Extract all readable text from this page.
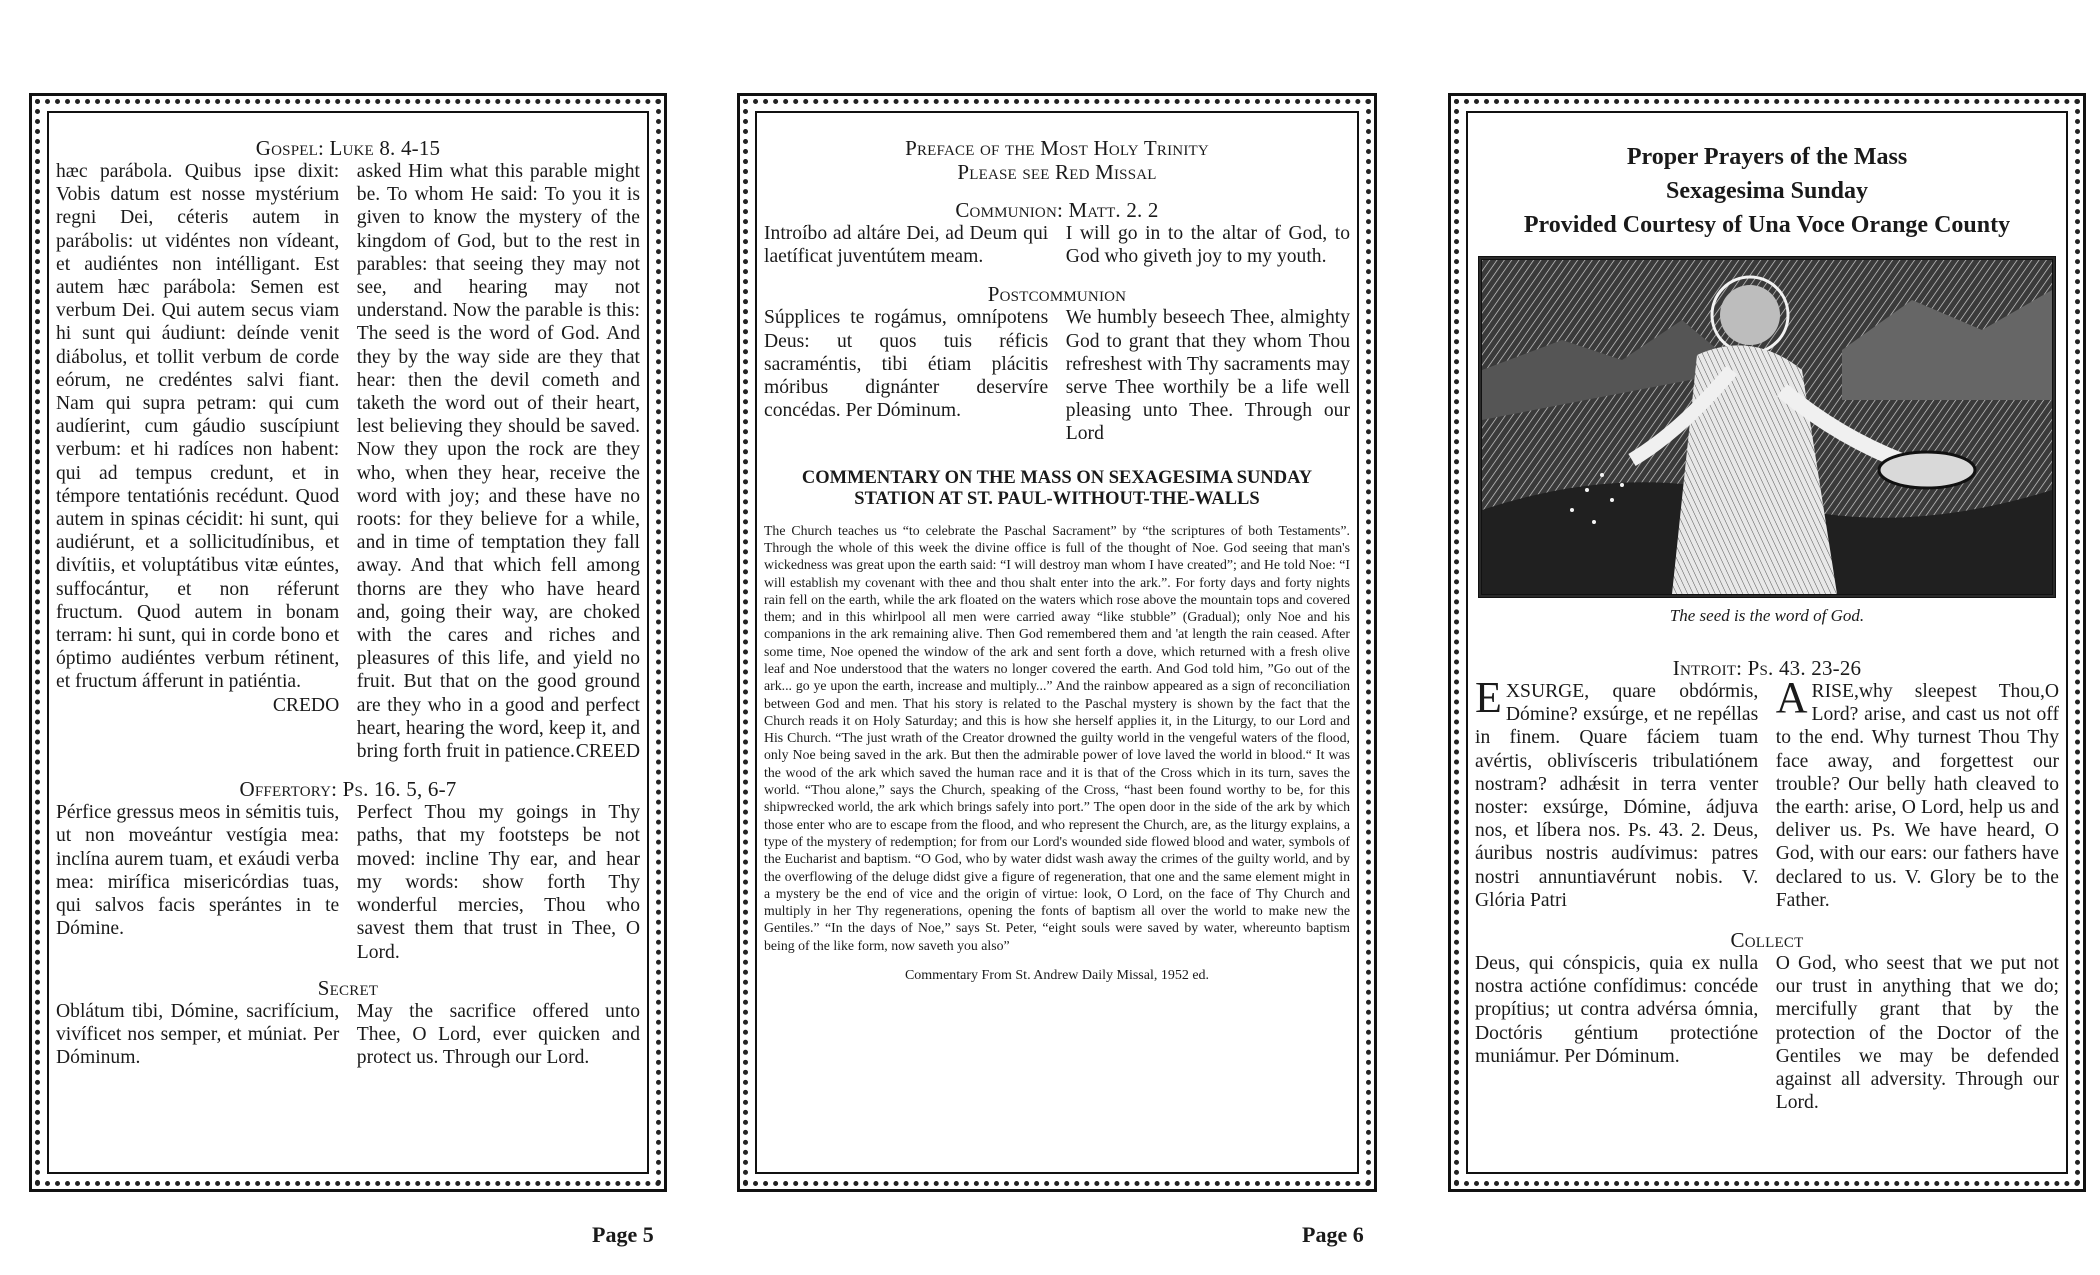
Gospel: Luke 8. 4-15
hæc parábola. Quibus ipse dixit: Vobis datum est nosse mystérium regni Dei, céteris autem in parábolis: ut vidéntes non vídeant, et audiéntes non intélligant. Est autem hæc parábola: Semen est verbum Dei. Qui autem secus viam hi sunt qui áudiunt: deínde venit diábolus, et tollit verbum de corde eórum, ne credéntes salvi fiant. Nam qui supra petram: qui cum audíerint, cum gáudio suscípiunt verbum: et hi radíces non habent: qui ad tempus credunt, et in témpore tentatiónis recédunt. Quod autem in spinas cécidit: hi sunt, qui audiérunt, et a sollicitudínibus, et divítiis, et voluptátibus vitæ eúntes, suffocántur, et non réferunt fructum. Quod autem in bonam terram: hi sunt, qui in corde bono et óptimo audiéntes verbum rétinent, et fructum áfferunt in patiéntia.
CREDO
asked Him what this parable might be. To whom He said: To you it is given to know the mystery of the kingdom of God, but to the rest in parables: that seeing they may not see, and hearing may not understand. Now the parable is this: The seed is the word of God. And they by the way side are they that hear: then the devil cometh and taketh the word out of their heart, lest believing they should be saved. Now they upon the rock are they who, when they hear, receive the word with joy; and these have no roots: for they believe for a while, and in time of temptation they fall away. And that which fell among thorns are they who have heard and, going their way, are choked with the cares and riches and pleasures of this life, and yield no fruit. But that on the good ground are they who in a good and perfect heart, hearing the word, keep it, and bring forth fruit in patience. CREED
Offertory: Ps. 16. 5, 6-7
Pérfice gressus meos in sémitis tuis, ut non moveántur vestígia mea: inclína aurem tuam, et exáudi verba mea: mirífica misericórdias tuas, qui salvos facis sperántes in te Dómine.
Perfect Thou my goings in Thy paths, that my footsteps be not moved: incline Thy ear, and hear my words: show forth Thy wonderful mercies, Thou who savest them that trust in Thee, O Lord.
Secret
Oblátum tibi, Dómine, sacrifícium, vivíficet nos semper, et múniat. Per Dóminum.
May the sacrifice offered unto Thee, O Lord, ever quicken and protect us. Through our Lord.
Preface of the Most Holy Trinity
Please see Red Missal
Communion: Matt. 2. 2
Introíbo ad altáre Dei, ad Deum qui laetíficat juventútem meam.
I will go in to the altar of God, to God who giveth joy to my youth.
Postcommunion
Súpplices te rogámus, omnípotens Deus: ut quos tuis réficis sacraméntis, tibi étiam plácitis móribus dignánter deservíre concédas. Per Dóminum.
We humbly beseech Thee, almighty God to grant that they whom Thou refreshest with Thy sacraments may serve Thee worthily be a life well pleasing unto Thee. Through our Lord
COMMENTARY ON THE MASS ON SEXAGESIMA SUNDAY
STATION AT ST. PAUL-WITHOUT-THE-WALLS
The Church teaches us “to celebrate the Paschal Sacrament” by “the scriptures of both Testaments”. Through the whole of this week the divine office is full of the thought of Noe. God seeing that man's wickedness was great upon the earth said: “I will destroy man whom I have created”; and He told Noe: “I will establish my covenant with thee and thou shalt enter into the ark.”. For forty days and forty nights rain fell on the earth, while the ark floated on the waters which rose above the mountain tops and covered them; and in this whirlpool all men were carried away “like stubble” (Gradual); only Noe and his companions in the ark remaining alive. Then God remembered them and 'at length the rain ceased. After some time, Noe opened the window of the ark and sent forth a dove, which returned with a fresh olive leaf and Noe understood that the waters no longer covered the earth. And God told him, ”Go out of the ark... go ye upon the earth, increase and multiply...” And the rainbow appeared as a sign of reconciliation between God and men. That his story is related to the Paschal mystery is shown by the fact that the Church reads it on Holy Saturday; and this is how she herself applies it, in the Liturgy, to our Lord and His Church. “The just wrath of the Creator drowned the guilty world in the vengeful waters of the flood, only Noe being saved in the ark. But then the admirable power of love laved the world in blood.“ It was the wood of the ark which saved the human race and it is that of the Cross which in its turn, saves the world. “Thou alone,” says the Church, speaking of the Cross, “hast been found worthy to be, for this shipwrecked world, the ark which brings safely into port.” The open door in the side of the ark by which those enter who are to escape from the flood, and who represent the Church, are, as the liturgy explains, a type of the mystery of redemption; for from our Lord's wounded side flowed blood and water, symbols of the Eucharist and baptism. “O God, who by water didst wash away the crimes of the guilty world, and by the overflowing of the deluge didst give a figure of regeneration, that one and the same element might in a mystery be the end of vice and the origin of virtue: look, O Lord, on the face of Thy Church and multiply in her Thy regenerations, opening the fonts of baptism all over the world to make new the Gentiles.” “In the days of Noe,” says St. Peter, “eight souls were saved by water, whereunto baptism being of the like form, now saveth you also”
Commentary From St. Andrew Daily Missal, 1952 ed.
Proper Prayers of the Mass
Sexagesima Sunday
Provided Courtesy of Una Voce Orange County
The seed is the word of God.
Introit: Ps. 43. 23-26
E XSURGE, quare obdórmis, Dómine? exsúrge, et ne repéllas in finem. Quare fáciem tuam avértis, oblivísceris tribulatiónem nostram? adhǽsit in terra venter noster: exsúrge, Dómine, ádjuva nos, et líbera nos. Ps. 43. 2. Deus, áuribus nostris audívimus: patres nostri annuntiavérunt nobis. V. Glória Patri
A RISE,why sleepest Thou,O Lord? arise, and cast us not off to the end. Why turnest Thou Thy face away, and forgettest our trouble? Our belly hath cleaved to the earth: arise, O Lord, help us and deliver us. Ps. We have heard, O God, with our ears: our fathers have declared to us. V. Glory be to the Father.
Collect
Deus, qui cónspicis, quia ex nulla nostra actióne confídimus: concéde propítius; ut contra advérsa ómnia, Doctóris géntium protectióne muniámur. Per Dóminum.
O God, who seest that we put not our trust in anything that we do; mercifully grant that by the protection of the Doctor of the Gentiles we may be defended against all adversity. Through our Lord.
Page 5	Page 6
